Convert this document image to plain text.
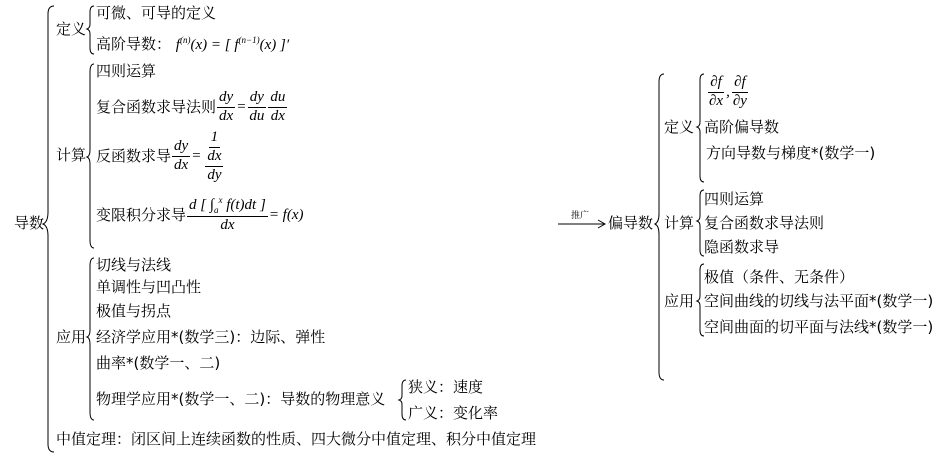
导数
定义
可微、可导的定义
高阶导数： $f^{(n)}(x)$ = [ $f^{(n-1)}(x)$ ]′
计算
四则运算
复合函数求导法则 $\frac{dy}{dx} = \frac{dy}{du} \frac{du}{dx}$
反函数求导 $\frac{dy}{dx} = \frac{1}{\frac{dx}{dy}}$
变限积分求导 $\frac{d [ \int_a^x f(t)dt ]}{dx} = f(x)$
应用
切线与法线
单调性与凹凸性
极值与拐点
经济学应用*(数学三)：边际、弹性
曲率*(数学一、二)
物理学应用*(数学一、二)：导数的物理意义
狭义：速度
广义：变化率
中值定理：闭区间上连续函数的性质、四大微分中值定理、积分中值定理
推广 偏导数
定义
$\frac{\partial f}{\partial x}$ , $\frac{\partial f}{\partial y}$
高阶偏导数
方向导数与梯度*(数学一)
计算
四则运算
复合函数求导法则
隐函数求导
应用
极值（条件、无条件）
空间曲线的切线与法平面*(数学一)
空间曲面的切平面与法线*(数学一)
